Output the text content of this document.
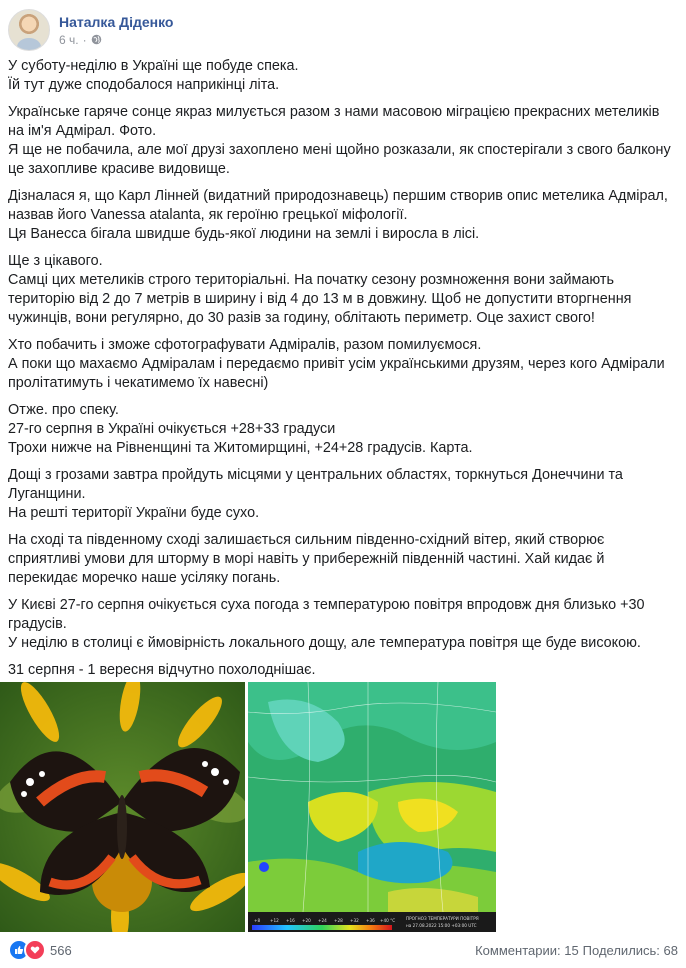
Наталка Діденко
6 ч. ·

У суботу-неділю в Україні ще побуде спека.
Їй тут дуже сподобалося наприкінці літа.

Українське гаряче сонце якраз милується разом з нами масовою міграцією прекрасних метеликів на ім'я Адмірал. Фото.
Я ще не побачила, але мої друзі захоплено мені щойно розказали, як спостерігали з свого балкону це захопливе красиве видовище.

Дізналася я, що Карл Лінней (видатний природознавець) першим створив опис метелика Адмірал, назвав його Vanessa atalanta, як героїню грецької міфології.
Ця Ванесса бігала швидше будь-якої людини на землі і виросла в лісі.

Ще з цікавого.
Самці цих метеликів строго територіальні. На початку сезону розмноження вони займають територію від 2 до 7 метрів в ширину і від 4 до 13 м в довжину. Щоб не допустити вторгнення чужинців, вони регулярно, до 30 разів за годину, облітають периметр. Оце захист свого!

Хто побачить і зможе сфотографувати Адміралів, разом помилуємося.
А поки що махаємо Адміралам і передаємо привіт усім українськими друзям, через кого Адмірали пролітатимуть і чекатимемо їх навесні)

Отже. про спеку.
27-го серпня в Україні очікується +28+33 градуси
Трохи нижче на Рівненщині та Житомирщині, +24+28 градусів. Карта.

Дощі з грозами завтра пройдуть місцями у центральних областях, торкнуться Донеччини та Луганщини.
На решті території України буде сухо.

На сході та південному сході залишається сильним південно-східний вітер, який створює сприятливі умови для шторму в морі навіть у прибережній південній частині. Хай кидає й перекидає моречко наше усіляку погань.

У Києві 27-го серпня очікується суха погода з температурою повітря впродовж дня близько +30 градусів.
У неділю в столиці є ймовірність локального дощу, але температура повітря ще буде високою.

31 серпня - 1 вересня відчутно похолоднішає.

+8 +12 +16 +20 +24 +28 +32 +36 +40 °C	ПРОГНОЗ ТЕМПЕРАТУРИ ПОВІТРЯ
на 27.08.2022 15:00 +03:00 UTC
566	Комментарии: 15 Поделились: 68
